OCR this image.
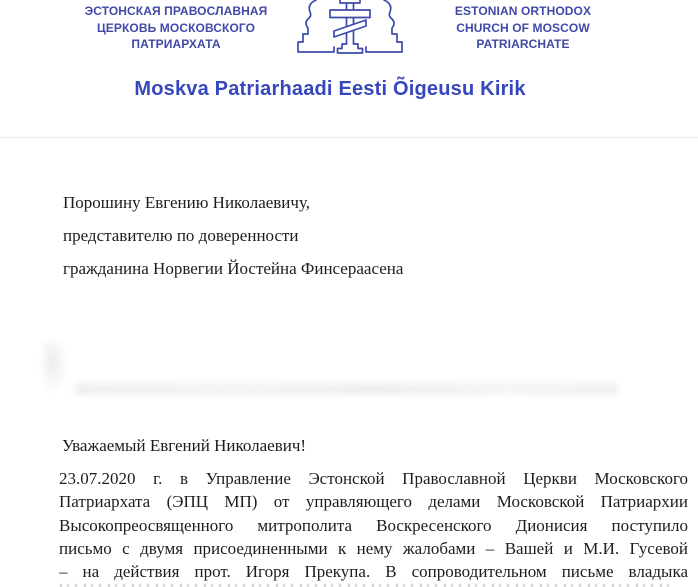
ЭСТОНСКАЯ ПРАВОСЛАВНАЯ
ЦЕРКОВЬ МОСКОВСКОГО
ПАТРИАРХАТА
ESTONIAN ORTHODOX
CHURCH OF MOSCOW
PATRIARCHATE
Moskva Patriarhaadi Eesti Õigeusu Kirik
Порошину Евгению Николаевичу,
представителю по доверенности
гражданина Норвегии Йостейна Финсераасена
Уважаемый Евгений Николаевич!
23.07.2020 г. в Управление Эстонской Православной Церкви Московского
Патриархата (ЭПЦ МП) от управляющего делами Московской Патриархии
Высокопреосвященного митрополита Воскресенского Дионисия поступило
письмо с двумя присоединенными к нему жалобами – Вашей и М.И. Гусевой
– на действия прот. Игоря Прекупа. В сопроводительном письме владыка
